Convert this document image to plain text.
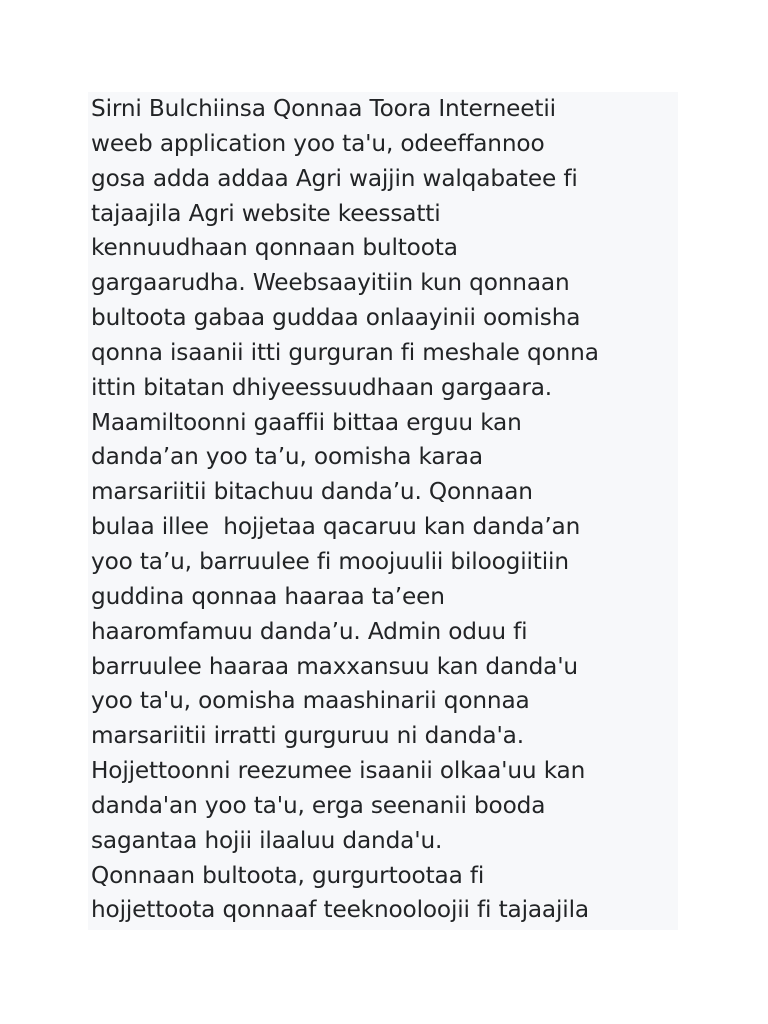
Sirni Bulchiinsa Qonnaa Toora Interneetii
weeb application yoo ta'u, odeeffannoo
gosa adda addaa Agri wajjin walqabatee fi
tajaajila Agri website keessatti
kennuudhaan qonnaan bultoota
gargaarudha. Weebsaayitiin kun qonnaan
bultoota gabaa guddaa onlaayinii oomisha
qonna isaanii itti gurguran fi meshale qonna
ittin bitatan dhiyeessuudhaan gargaara.
Maamiltoonni gaaffii bittaa erguu kan
danda’an yoo ta’u, oomisha karaa
marsariitii bitachuu danda’u. Qonnaan
bulaa illee  hojjetaa qacaruu kan danda’an
yoo ta’u, barruulee fi moojuulii biloogiitiin
guddina qonnaa haaraa ta’een
haaromfamuu danda’u. Admin oduu fi
barruulee haaraa maxxansuu kan danda'u
yoo ta'u, oomisha maashinarii qonnaa
marsariitii irratti gurguruu ni danda'a.
Hojjettoonni reezumee isaanii olkaa'uu kan
danda'an yoo ta'u, erga seenanii booda
sagantaa hojii ilaaluu danda'u.
Qonnaan bultoota, gurgurtootaa fi
hojjettoota qonnaaf teeknooloojii fi tajaajila
